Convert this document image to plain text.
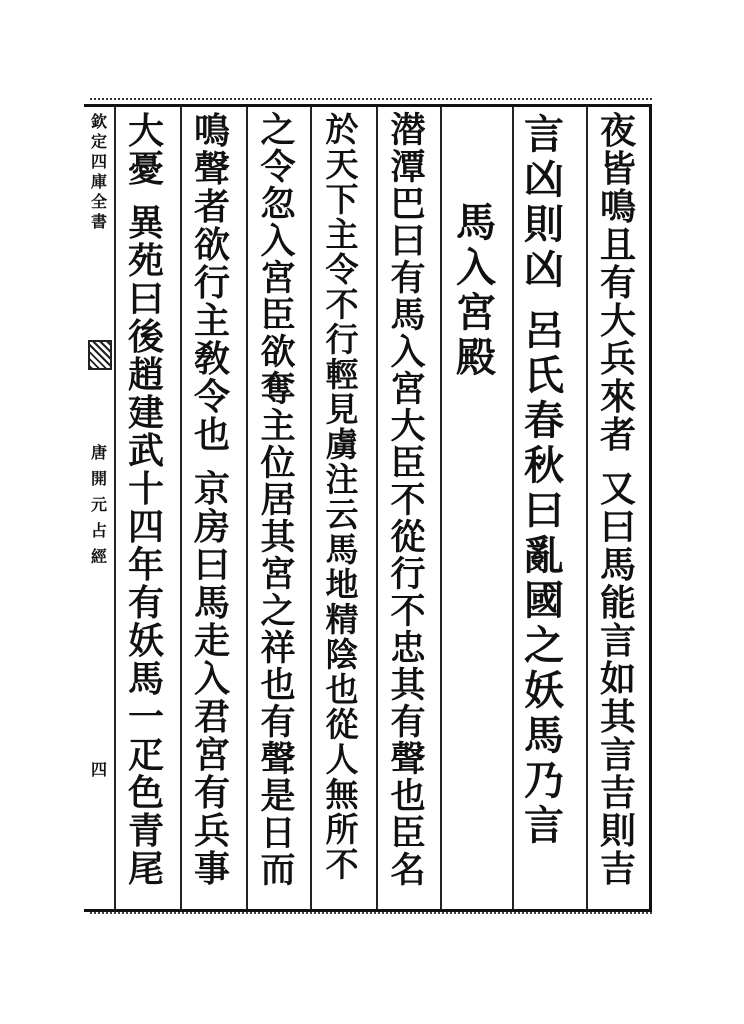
欽
定
四
庫
全
書
唐
開
元
占
經
四
夜
皆
鳴
且
有
大
兵
來
者
又
曰
馬
能
言
如
其
言
吉
則
吉
言
凶
則
凶
呂
氏
春
秋
曰
亂
國
之
妖
馬
乃
言
馬
入
宮
殿
潜
潭
巴
曰
有
馬
入
宮
大
臣
不
從
行
不
忠
其
有
聲
也
臣
名
於
天
下
主
令
不
行
輕
見
虜
注
云
馬
地
精
陰
也
從
人
無
所
不
之
令
忽
入
宮
臣
欲
奪
主
位
居
其
宮
之
祥
也
有
聲
是
日
而
鳴
聲
者
欲
行
主
敎
令
也
京
房
曰
馬
走
入
君
宮
有
兵
事
大
憂
異
苑
曰
後
趙
建
武
十
四
年
有
妖
馬
一
疋
色
青
尾
